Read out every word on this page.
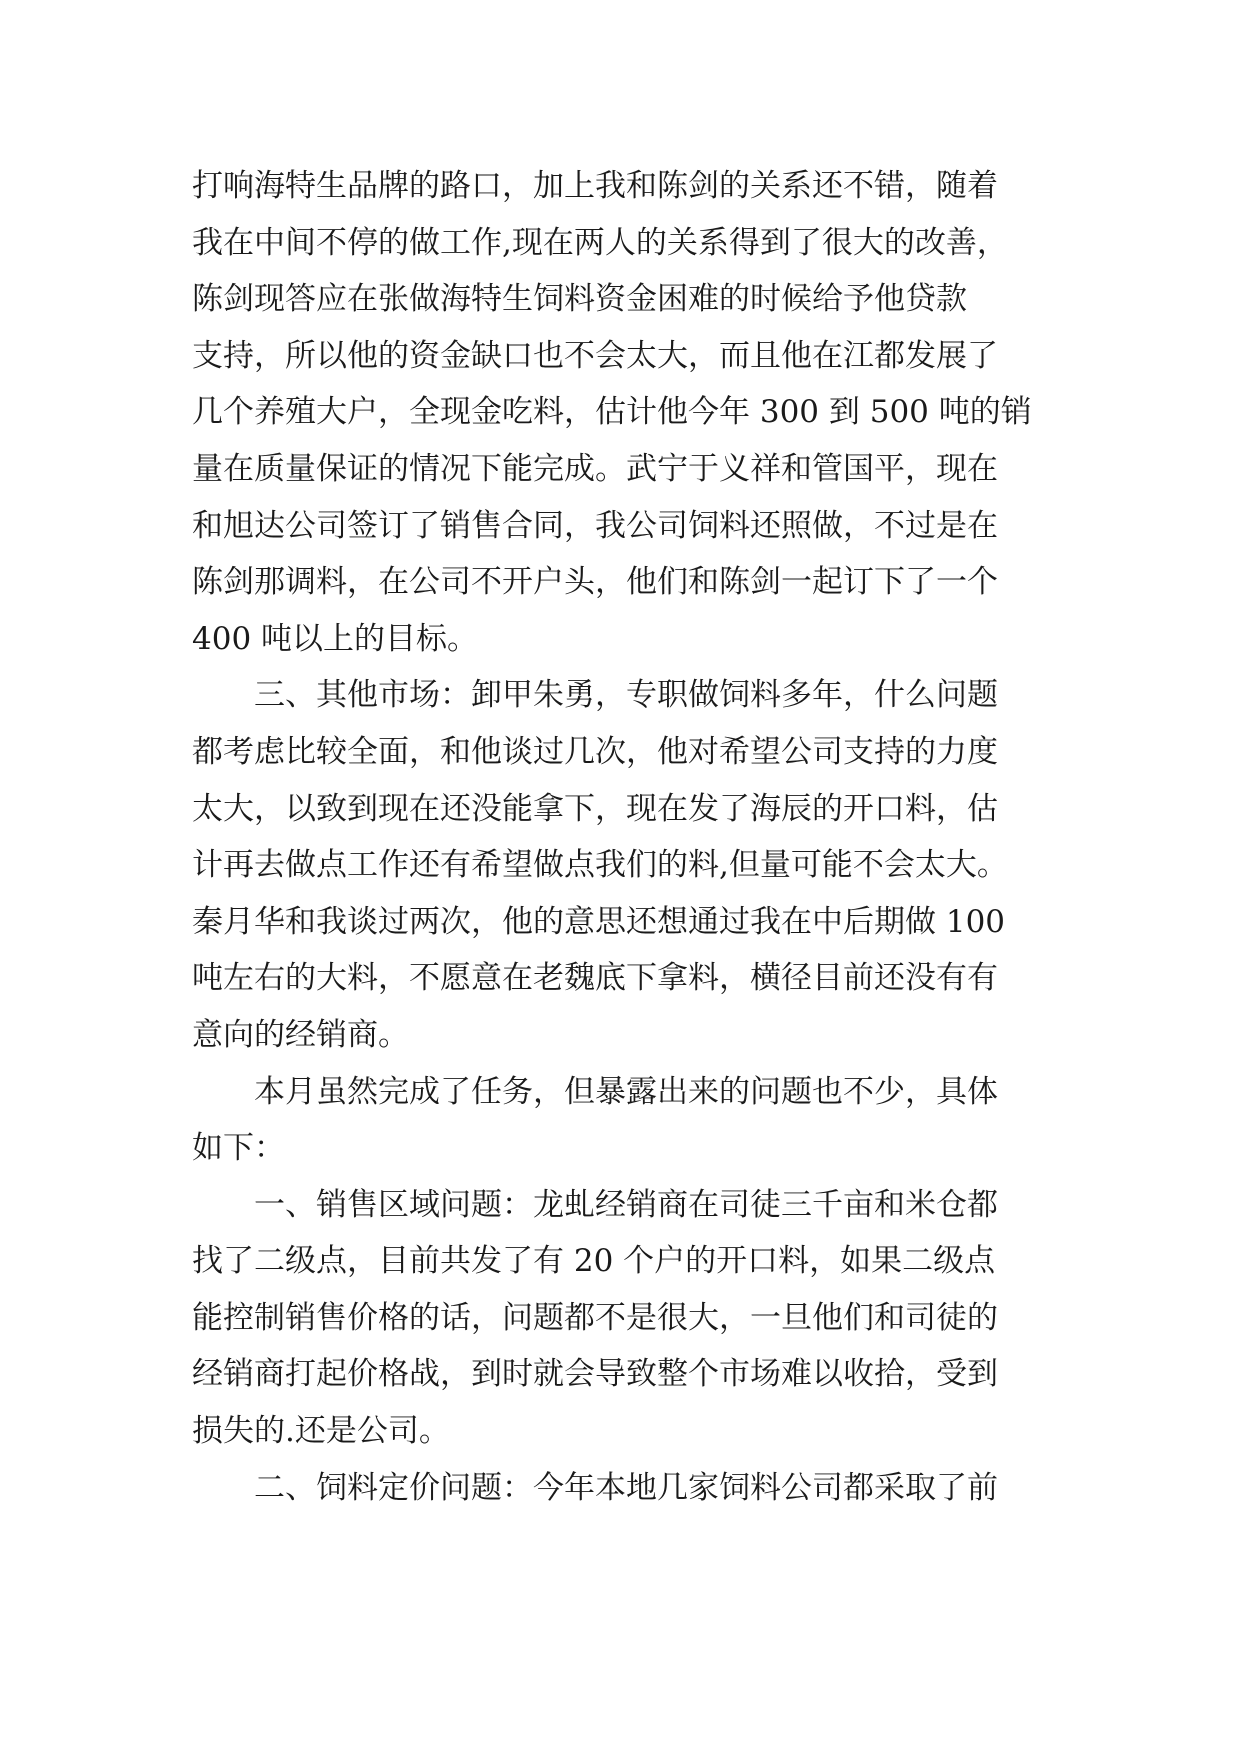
打响海特生品牌的路口，加上我和陈剑的关系还不错，随着
我在中间不停的做工作,现在两人的关系得到了很大的改善，
陈剑现答应在张做海特生饲料资金困难的时候给予他贷款
支持，所以他的资金缺口也不会太大，而且他在江都发展了
几个养殖大户，全现金吃料，估计他今年 300 到 500 吨的销
量在质量保证的情况下能完成。武宁于义祥和管国平，现在
和旭达公司签订了销售合同，我公司饲料还照做，不过是在
陈剑那调料，在公司不开户头，他们和陈剑一起订下了一个
400 吨以上的目标。
三、其他市场：卸甲朱勇，专职做饲料多年，什么问题
都考虑比较全面，和他谈过几次，他对希望公司支持的力度
太大，以致到现在还没能拿下，现在发了海辰的开口料，估
计再去做点工作还有希望做点我们的料,但量可能不会太大。
秦月华和我谈过两次，他的意思还想通过我在中后期做 100
吨左右的大料，不愿意在老魏底下拿料，横径目前还没有有
意向的经销商。
本月虽然完成了任务，但暴露出来的问题也不少，具体
如下：
一、销售区域问题：龙虬经销商在司徒三千亩和米仓都
找了二级点，目前共发了有 20 个户的开口料，如果二级点
能控制销售价格的话，问题都不是很大，一旦他们和司徒的
经销商打起价格战，到时就会导致整个市场难以收拾，受到
损失的.还是公司。
二、饲料定价问题：今年本地几家饲料公司都采取了前
